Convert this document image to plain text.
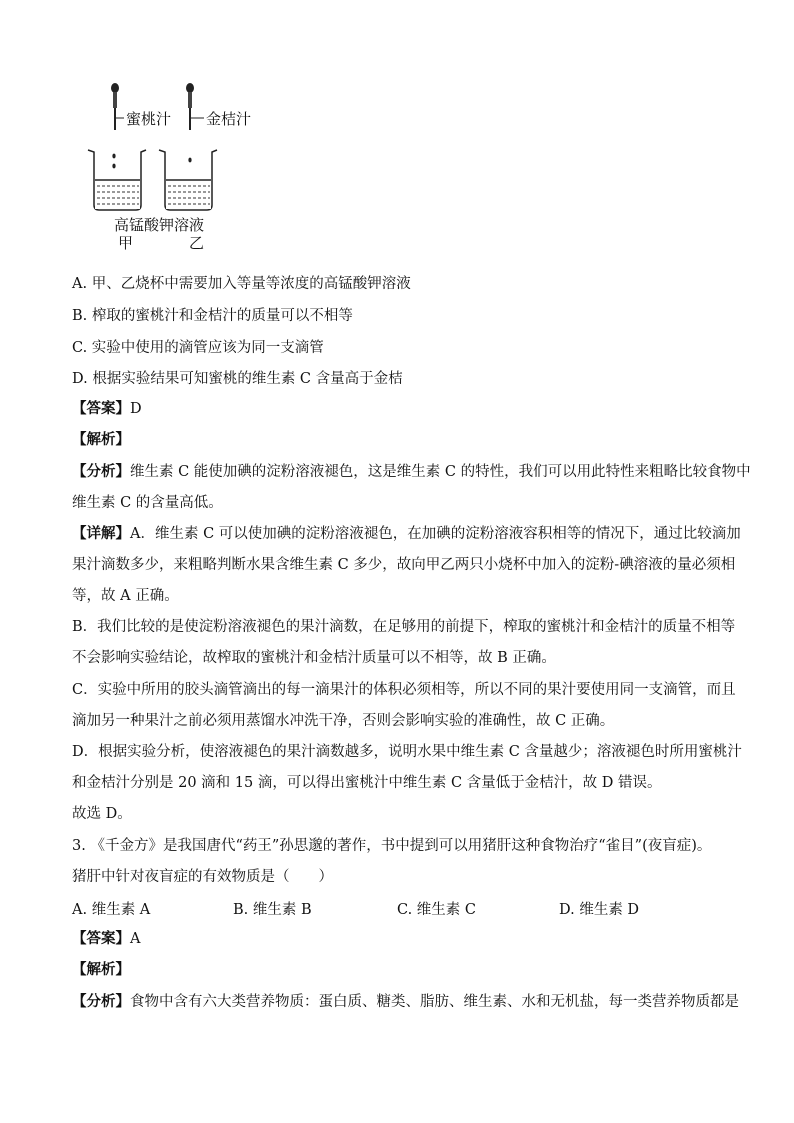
蜜桃汁 金桔汁
高锰酸钾溶液
甲	乙
A. 甲、乙烧杯中需要加入等量等浓度的高锰酸钾溶液
B. 榨取的蜜桃汁和金桔汁的质量可以不相等
C. 实验中使用的滴管应该为同一支滴管
D. 根据实验结果可知蜜桃的维生素 C 含量高于金桔
【答案】D
【解析】
【分析】维生素 C 能使加碘的淀粉溶液褪色，这是维生素 C 的特性，我们可以用此特性来粗略比较食物中
维生素 C 的含量高低。
【详解】A．维生素 C 可以使加碘的淀粉溶液褪色，在加碘的淀粉溶液容积相等的情况下，通过比较滴加
果汁滴数多少，来粗略判断水果含维生素 C 多少，故向甲乙两只小烧杯中加入的淀粉-碘溶液的量必须相
等，故 A 正确。
B．我们比较的是使淀粉溶液褪色的果汁滴数，在足够用的前提下，榨取的蜜桃汁和金桔汁的质量不相等
不会影响实验结论，故榨取的蜜桃汁和金桔汁质量可以不相等，故 B 正确。
C．实验中所用的胶头滴管滴出的每一滴果汁的体积必须相等，所以不同的果汁要使用同一支滴管，而且
滴加另一种果汁之前必须用蒸馏水冲洗干净，否则会影响实验的准确性，故 C 正确。
D．根据实验分析，使溶液褪色的果汁滴数越多，说明水果中维生素 C 含量越少；溶液褪色时所用蜜桃汁
和金桔汁分别是 20 滴和 15 滴，可以得出蜜桃汁中维生素 C 含量低于金桔汁，故 D 错误。
故选 D。
3. 《千金方》是我国唐代“药王”孙思邈的著作，书中提到可以用猪肝这种食物治疗“雀目”(夜盲症)。
猪肝中针对夜盲症的有效物质是（　　）
A. 维生素 A	B. 维生素 B	C. 维生素 C	D. 维生素 D
【答案】A
【解析】
【分析】食物中含有六大类营养物质：蛋白质、糖类、脂肪、维生素、水和无机盐，每一类营养物质都是
